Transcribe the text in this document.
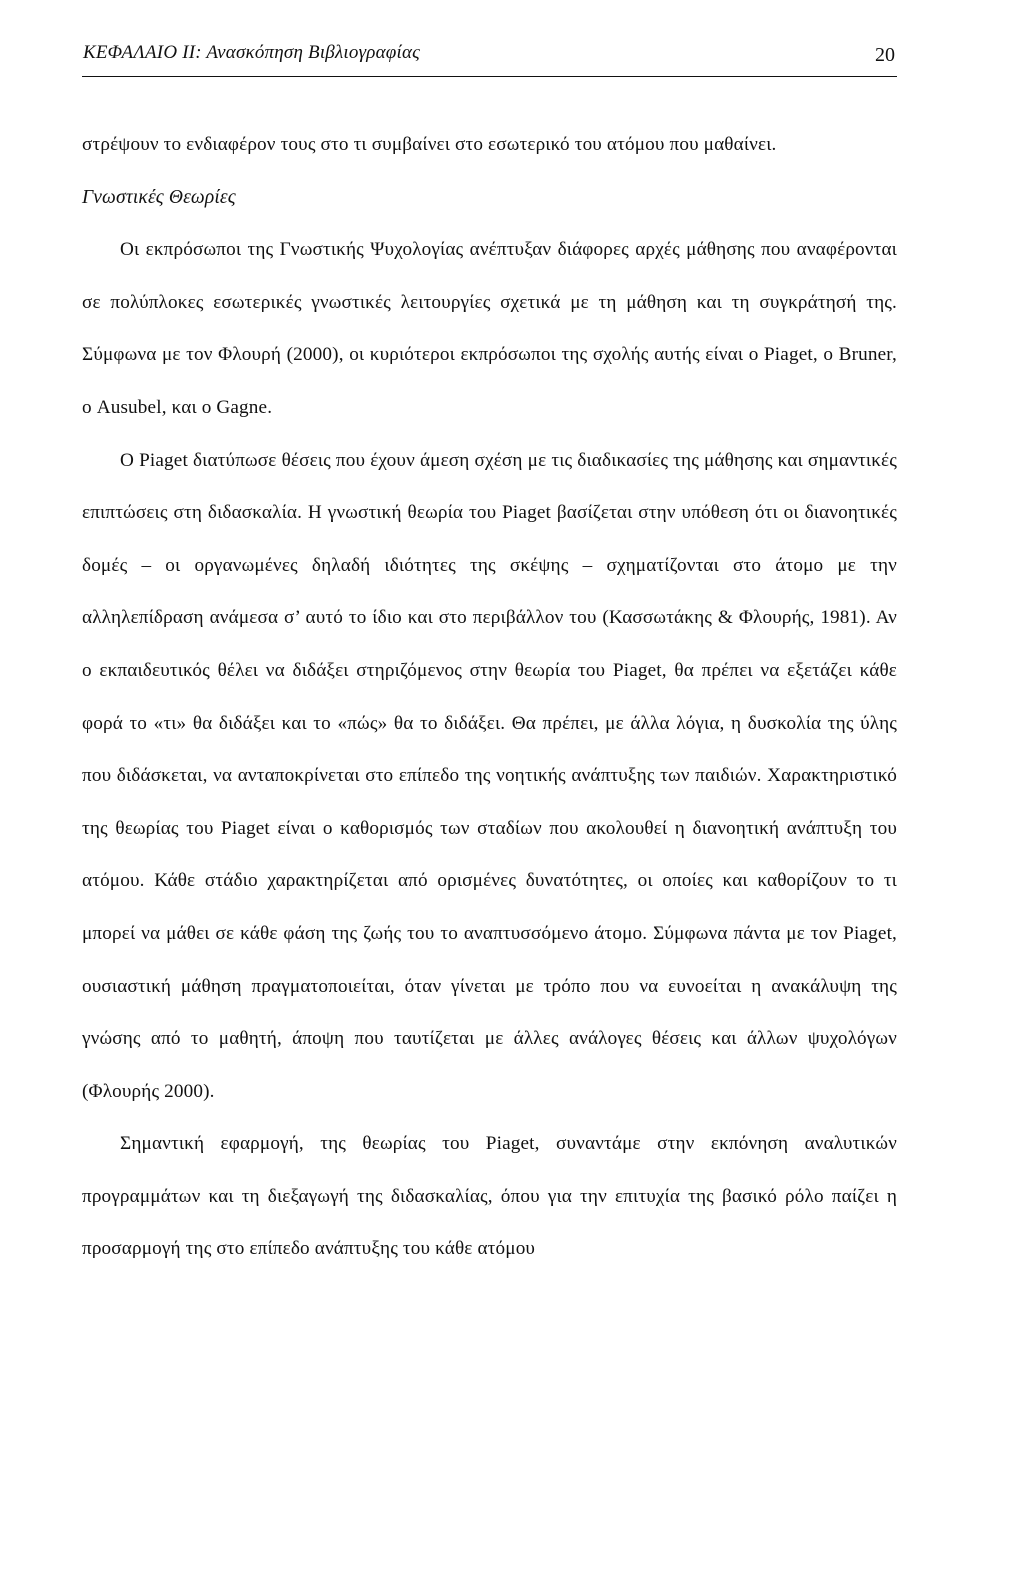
ΚΕΦΑΛΑΙΟ ΙΙ: Ανασκόπηση Βιβλιογραφίας	20

στρέψουν το ενδιαφέρον τους στο τι συμβαίνει στο εσωτερικό του ατόμου που μαθαίνει.

Γνωστικές Θεωρίες

Οι εκπρόσωποι της Γνωστικής Ψυχολογίας ανέπτυξαν διάφορες αρχές μάθησης που αναφέρονται σε πολύπλοκες εσωτερικές γνωστικές λειτουργίες σχετικά με τη μάθηση και τη συγκράτησή της. Σύμφωνα με τον Φλουρή (2000), οι κυριότεροι εκπρόσωποι της σχολής αυτής είναι ο Piaget, ο Bruner, ο Ausubel, και ο Gagne.

Ο Piaget διατύπωσε θέσεις που έχουν άμεση σχέση με τις διαδικασίες της μάθησης και σημαντικές επιπτώσεις στη διδασκαλία. Η γνωστική θεωρία του Piaget βασίζεται στην υπόθεση ότι οι διανοητικές δομές – οι οργανωμένες δηλαδή ιδιότητες της σκέψης – σχηματίζονται στο άτομο με την αλληλεπίδραση ανάμεσα σ’ αυτό το ίδιο και στο περιβάλλον του (Κασσωτάκης & Φλουρής, 1981). Αν ο εκπαιδευτικός θέλει να διδάξει στηριζόμενος στην θεωρία του Piaget, θα πρέπει να εξετάζει κάθε φορά το «τι» θα διδάξει και το «πώς» θα το διδάξει. Θα πρέπει, με άλλα λόγια, η δυσκολία της ύλης που διδάσκεται, να ανταποκρίνεται στο επίπεδο της νοητικής ανάπτυξης των παιδιών. Χαρακτηριστικό της θεωρίας του Piaget είναι ο καθορισμός των σταδίων που ακολουθεί η διανοητική ανάπτυξη του ατόμου. Κάθε στάδιο χαρακτηρίζεται από ορισμένες δυνατότητες, οι οποίες και καθορίζουν το τι μπορεί να μάθει σε κάθε φάση της ζωής του το αναπτυσσόμενο άτομο. Σύμφωνα πάντα με τον Piaget, ουσιαστική μάθηση πραγματοποιείται, όταν γίνεται με τρόπο που να ευνοείται η ανακάλυψη της γνώσης από το μαθητή, άποψη που ταυτίζεται με άλλες ανάλογες θέσεις και άλλων ψυχολόγων (Φλουρής 2000).

Σημαντική εφαρμογή, της θεωρίας του Piaget, συναντάμε στην εκπόνηση αναλυτικών προγραμμάτων και τη διεξαγωγή της διδασκαλίας, όπου για την επιτυχία της βασικό ρόλο παίζει η προσαρμογή της στο επίπεδο ανάπτυξης του κάθε ατόμου
